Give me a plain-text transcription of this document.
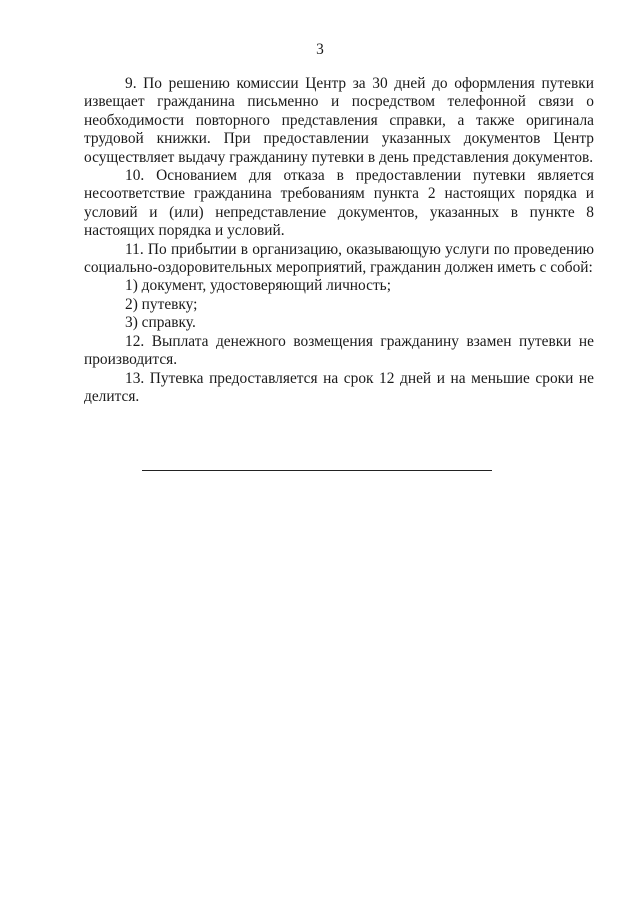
3

9. По решению комиссии Центр за 30 дней до оформления путевки извещает гражданина письменно и посредством телефонной связи о необходимости повторного представления справки, а также оригинала трудовой книжки. При предоставлении указанных документов Центр осуществляет выдачу гражданину путевки в день представления документов.

10. Основанием для отказа в предоставлении путевки является несоответствие гражданина требованиям пункта 2 настоящих порядка и условий и (или) непредставление документов, указанных в пункте 8 настоящих порядка и условий.

11. По прибытии в организацию, оказывающую услуги по проведению социально-оздоровительных мероприятий, гражданин должен иметь с собой:

1) документ, удостоверяющий личность;

2) путевку;

3) справку.

12. Выплата денежного возмещения гражданину взамен путевки не производится.

13. Путевка предоставляется на срок 12 дней и на меньшие сроки не делится.
